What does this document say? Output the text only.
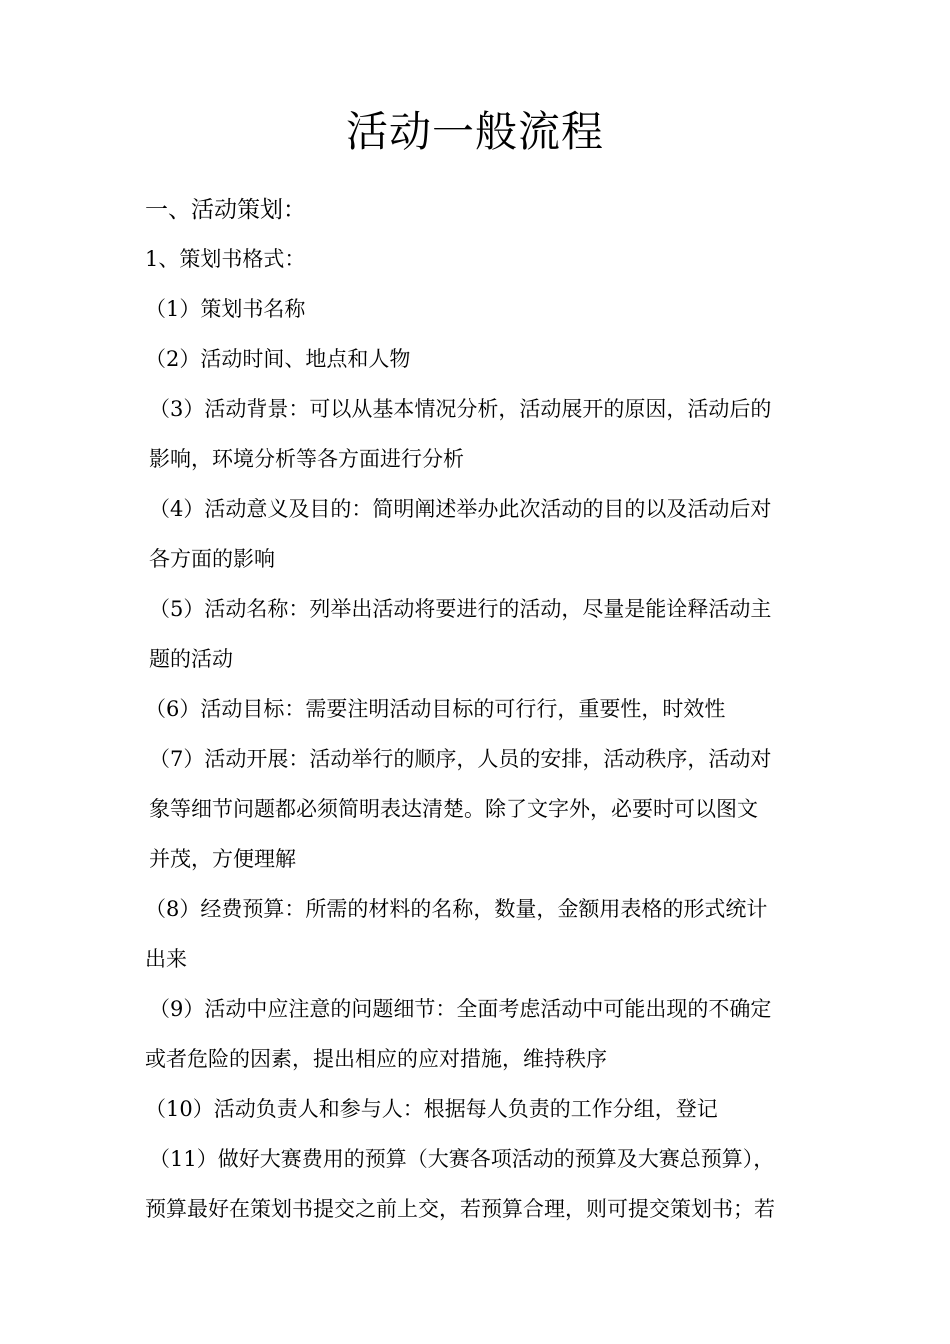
活动一般流程
一、活动策划：
1、策划书格式：
（1）策划书名称
（2）活动时间、地点和人物
（3）活动背景：可以从基本情况分析，活动展开的原因，活动后的
影响，环境分析等各方面进行分析
（4）活动意义及目的：简明阐述举办此次活动的目的以及活动后对
各方面的影响
（5）活动名称：列举出活动将要进行的活动，尽量是能诠释活动主
题的活动
（6）活动目标：需要注明活动目标的可行行，重要性，时效性
（7）活动开展：活动举行的顺序，人员的安排，活动秩序，活动对
象等细节问题都必须简明表达清楚。除了文字外，必要时可以图文
并茂，方便理解
（8）经费预算：所需的材料的名称，数量，金额用表格的形式统计
出来
（9）活动中应注意的问题细节：全面考虑活动中可能出现的不确定
或者危险的因素，提出相应的应对措施，维持秩序
（10）活动负责人和参与人：根据每人负责的工作分组，登记
（11）做好大赛费用的预算（大赛各项活动的预算及大赛总预算），
预算最好在策划书提交之前上交，若预算合理，则可提交策划书；若
